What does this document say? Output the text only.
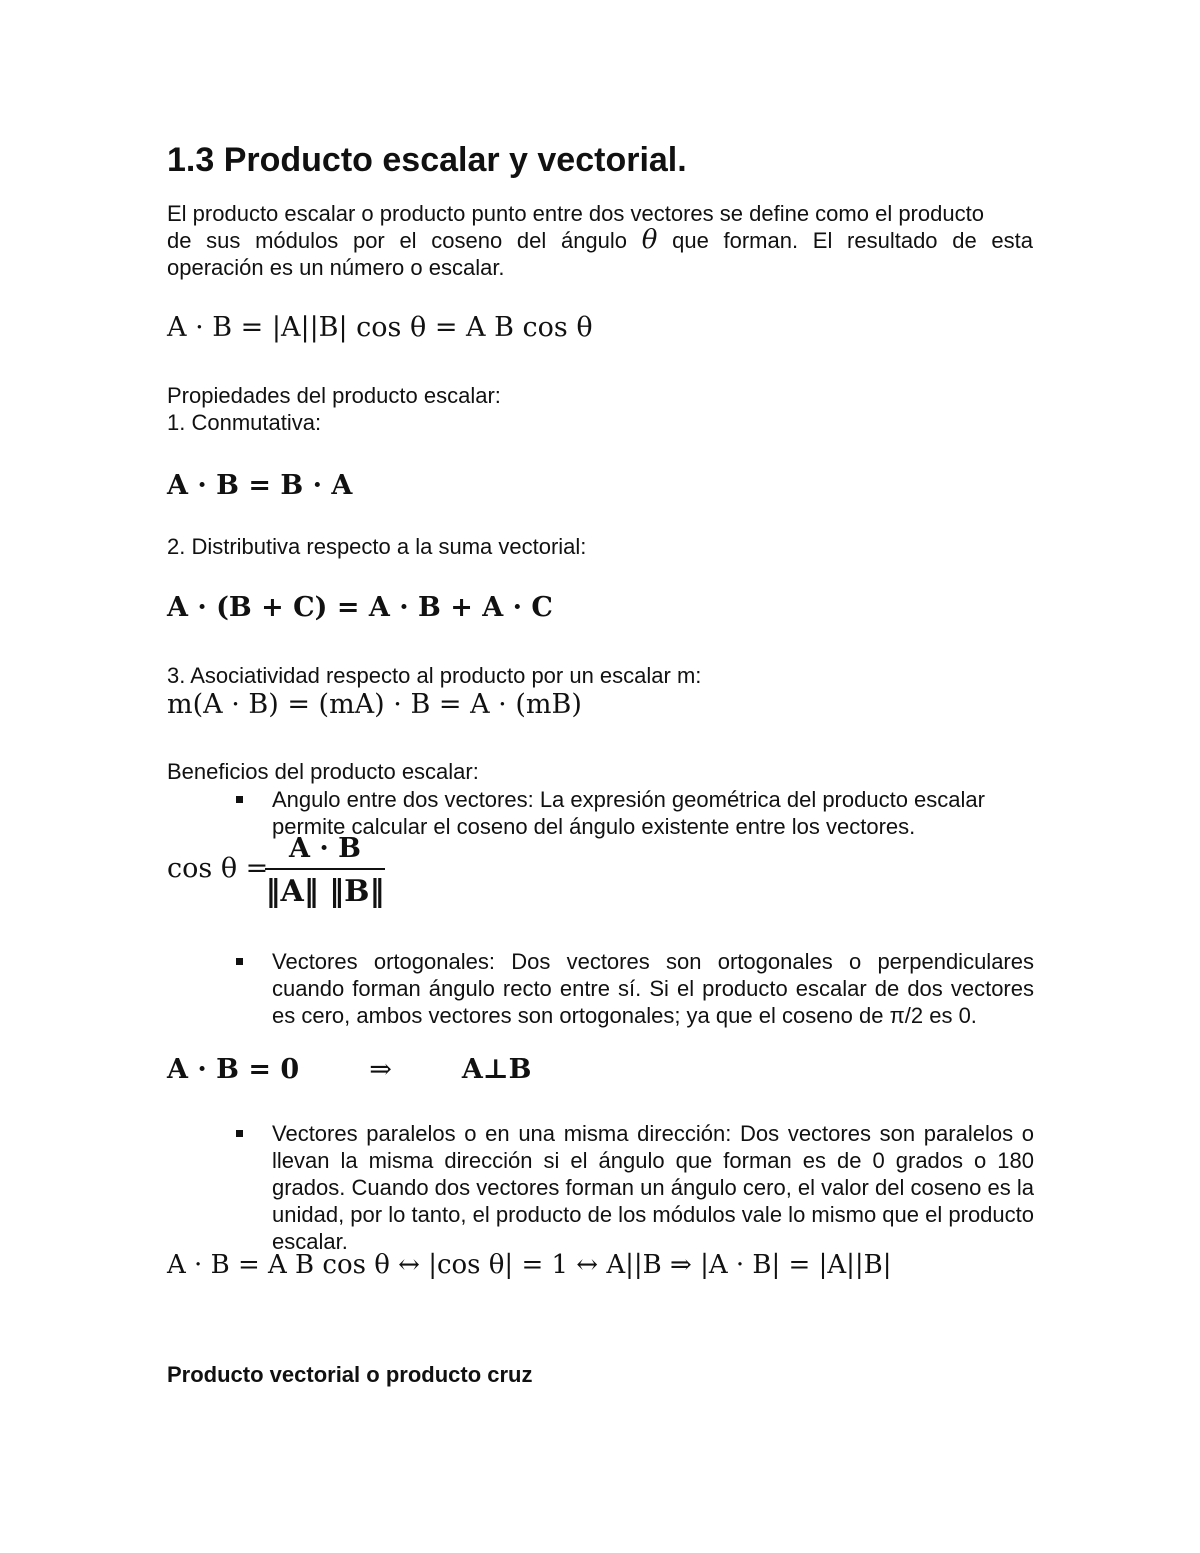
1.3 Producto escalar y vectorial.

El producto escalar o producto punto entre dos vectores se define como el producto

de sus módulos por el coseno del ángulo θ que forman. El resultado de esta

operación es un número o escalar.

A · B = |A||B| cos θ = A B cos θ

Propiedades del producto escalar:

1. Conmutativa:

A · B = B · A

2. Distributiva respecto a la suma vectorial:

A · (B + C) = A · B + A · C

3. Asociatividad respecto al producto por un escalar m:

m(A · B) = (mA) · B = A · (mB)

Beneficios del producto escalar:

Angulo entre dos vectores: La expresión geométrica del producto escalar

permite calcular el coseno del ángulo existente entre los vectores.

cos θ =

$\frac{A \cdot B}{‖A‖ ‖B‖}$

Vectores ortogonales: Dos vectores son ortogonales o perpendiculares cuando forman ángulo recto entre sí. Si el producto escalar de dos vectores es cero, ambos vectores son ortogonales; ya que el coseno de π/2 es 0.

A · B = 0	⇒	A⊥B

Vectores paralelos o en una misma dirección: Dos vectores son paralelos o llevan la misma dirección si el ángulo que forman es de 0 grados o 180 grados. Cuando dos vectores forman un ángulo cero, el valor del coseno es la unidad, por lo tanto, el producto de los módulos vale lo mismo que el producto escalar.

A · B = A B cos θ ↔ |cos θ| = 1 ↔ A||B ⇒ |A · B| = |A||B|

Producto vectorial o producto cruz
